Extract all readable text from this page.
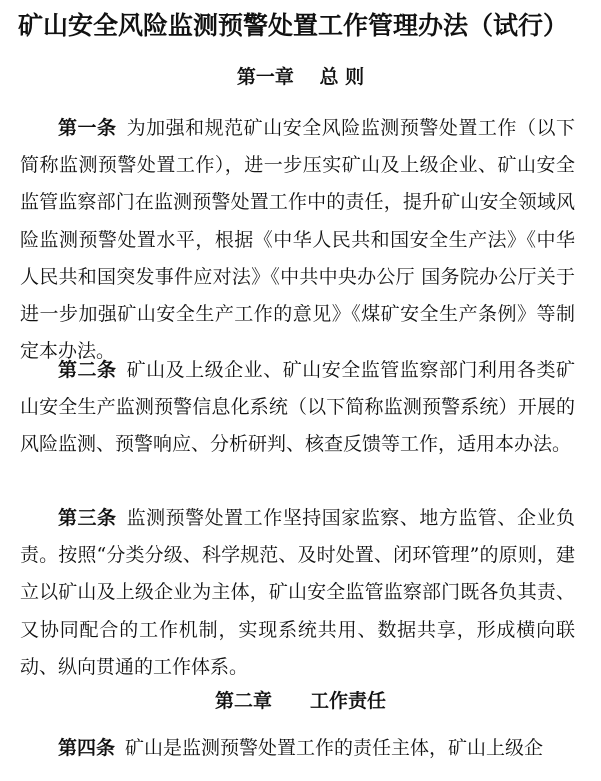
矿山安全风险监测预警处置工作管理办法（试行）
第一章　 总 则

第一条 为加强和规范矿山安全风险监测预警处置工作（以下简称监测预警处置工作），进一步压实矿山及上级企业、矿山安全监管监察部门在监测预警处置工作中的责任，提升矿山安全领域风险监测预警处置水平，根据《中华人民共和国安全生产法》《中华人民共和国突发事件应对法》《中共中央办公厅 国务院办公厅关于进一步加强矿山安全生产工作的意见》《煤矿安全生产条例》等制定本办法。

第二条 矿山及上级企业、矿山安全监管监察部门利用各类矿山安全生产监测预警信息化系统（以下简称监测预警系统）开展的风险监测、预警响应、分析研判、核查反馈等工作，适用本办法。

第三条 监测预警处置工作坚持国家监察、地方监管、企业负责。按照“分类分级、科学规范、及时处置、闭环管理”的原则，建立以矿山及上级企业为主体，矿山安全监管监察部门既各负其责、又协同配合的工作机制，实现系统共用、数据共享，形成横向联动、纵向贯通的工作体系。

第二章　　工作责任

第四条 矿山是监测预警处置工作的责任主体，矿山上级企
